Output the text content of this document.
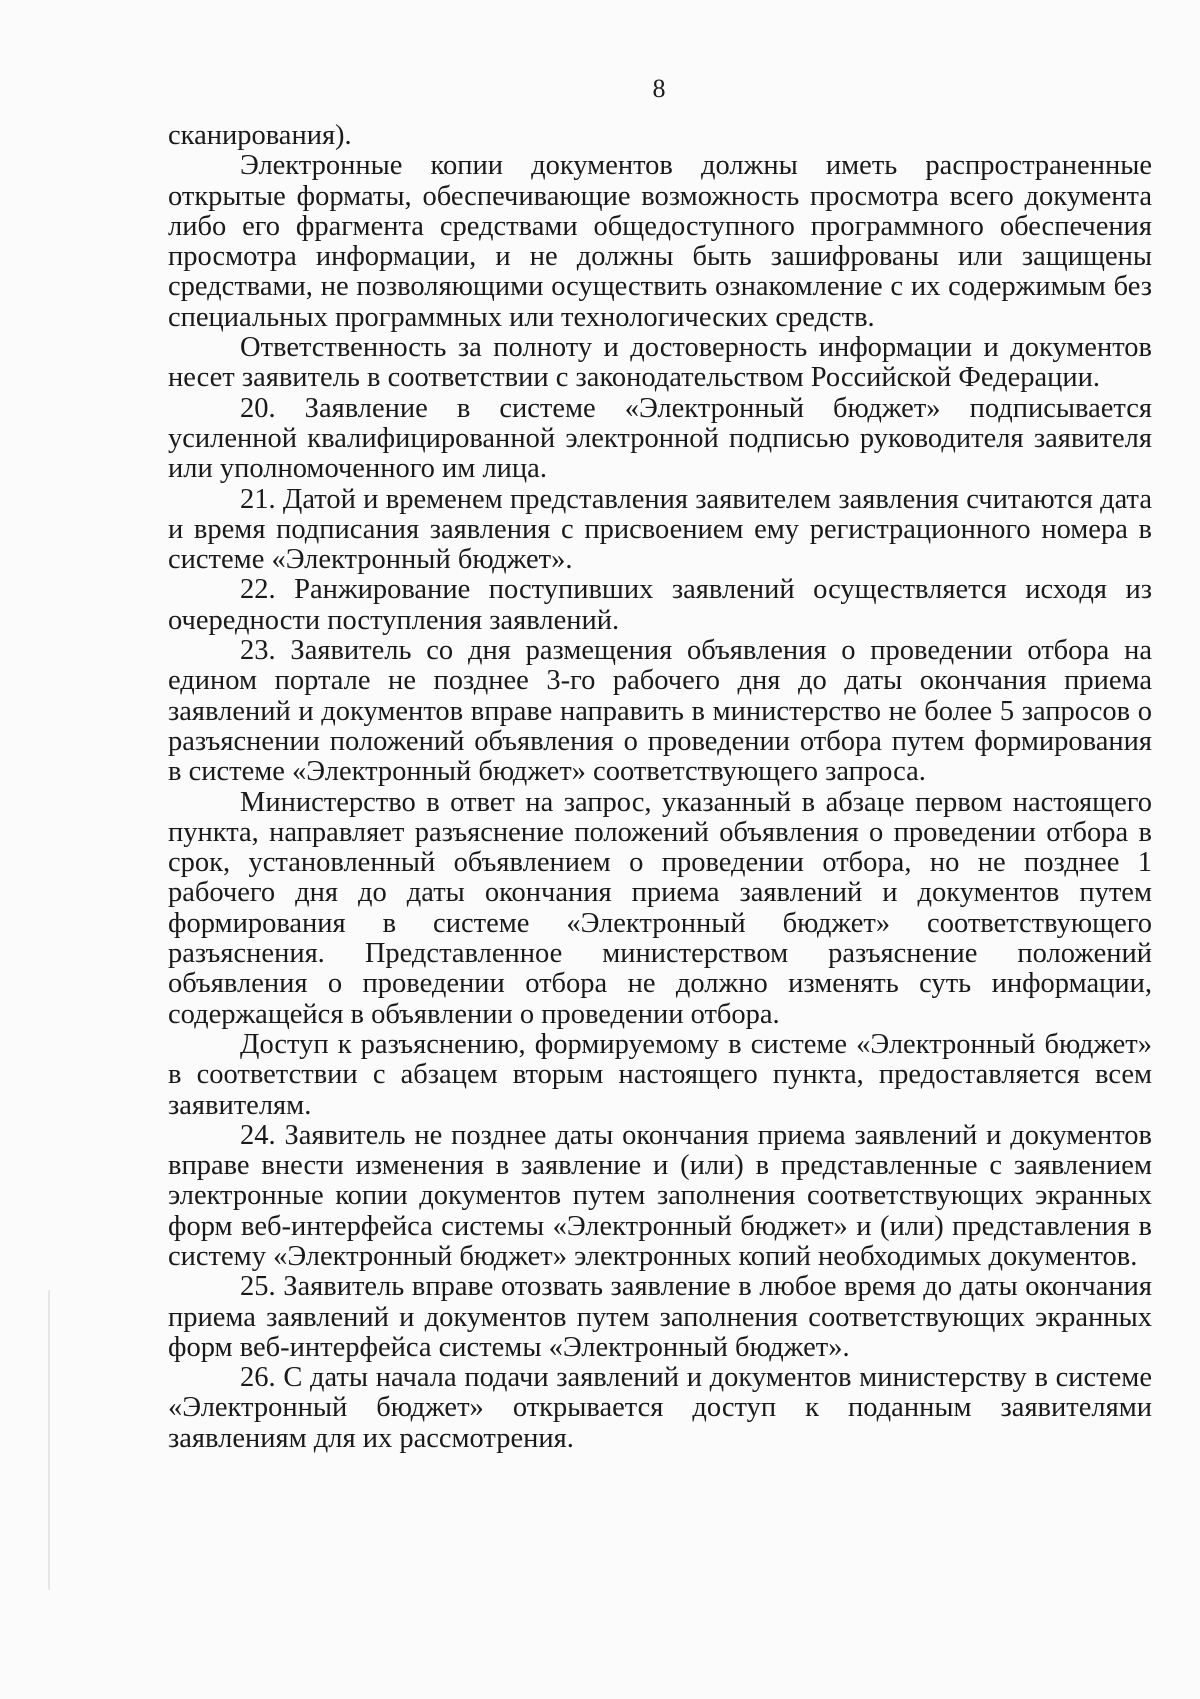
8

сканирования).

Электронные копии документов должны иметь распространенные открытые форматы, обеспечивающие возможность просмотра всего документа либо его фрагмента средствами общедоступного программного обеспечения просмотра информации, и не должны быть зашифрованы или защищены средствами, не позволяющими осуществить ознакомление с их содержимым без специальных программных или технологических средств.

Ответственность за полноту и достоверность информации и документов несет заявитель в соответствии с законодательством Российской Федерации.

20. Заявление в системе «Электронный бюджет» подписывается усиленной квалифицированной электронной подписью руководителя заявителя или уполномоченного им лица.

21. Датой и временем представления заявителем заявления считаются дата и время подписания заявления с присвоением ему регистрационного номера в системе «Электронный бюджет».

22. Ранжирование поступивших заявлений осуществляется исходя из очередности поступления заявлений.

23. Заявитель со дня размещения объявления о проведении отбора на едином портале не позднее 3-го рабочего дня до даты окончания приема заявлений и документов вправе направить в министерство не более 5 запросов о разъяснении положений объявления о проведении отбора путем формирования в системе «Электронный бюджет» соответствующего запроса.

Министерство в ответ на запрос, указанный в абзаце первом настоящего пункта, направляет разъяснение положений объявления о проведении отбора в срок, установленный объявлением о проведении отбора, но не позднее 1 рабочего дня до даты окончания приема заявлений и документов путем формирования в системе «Электронный бюджет» соответствующего разъяснения. Представленное министерством разъяснение положений объявления о проведении отбора не должно изменять суть информации, содержащейся в объявлении о проведении отбора.

Доступ к разъяснению, формируемому в системе «Электронный бюджет» в соответствии с абзацем вторым настоящего пункта, предоставляется всем заявителям.

24. Заявитель не позднее даты окончания приема заявлений и документов вправе внести изменения в заявление и (или) в представленные с заявлением электронные копии документов путем заполнения соответствующих экранных форм веб-интерфейса системы «Электронный бюджет» и (или) представления в систему «Электронный бюджет» электронных копий необходимых документов.

25. Заявитель вправе отозвать заявление в любое время до даты окончания приема заявлений и документов путем заполнения соответствующих экранных форм веб-интерфейса системы «Электронный бюджет».

26. С даты начала подачи заявлений и документов министерству в системе «Электронный бюджет» открывается доступ к поданным заявителями заявлениям для их рассмотрения.
